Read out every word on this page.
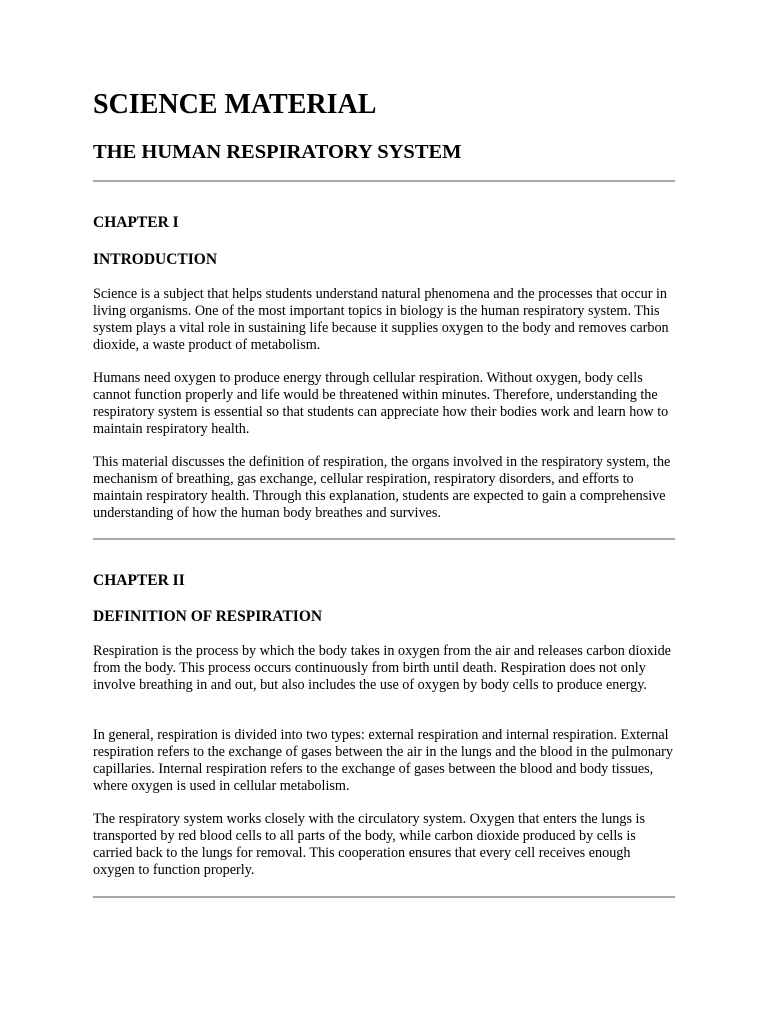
SCIENCE MATERIAL
THE HUMAN RESPIRATORY SYSTEM
CHAPTER I
INTRODUCTION

Science is a subject that helps students understand natural phenomena and the processes that occur in living organisms. One of the most important topics in biology is the human respiratory system. This system plays a vital role in sustaining life because it supplies oxygen to the body and removes carbon dioxide, a waste product of metabolism.

Humans need oxygen to produce energy through cellular respiration. Without oxygen, body cells cannot function properly and life would be threatened within minutes. Therefore, understanding the respiratory system is essential so that students can appreciate how their bodies work and learn how to maintain respiratory health.

This material discusses the definition of respiration, the organs involved in the respiratory system, the mechanism of breathing, gas exchange, cellular respiration, respiratory disorders, and efforts to maintain respiratory health. Through this explanation, students are expected to gain a comprehensive understanding of how the human body breathes and survives.

CHAPTER II
DEFINITION OF RESPIRATION

Respiration is the process by which the body takes in oxygen from the air and releases carbon dioxide from the body. This process occurs continuously from birth until death. Respiration does not only involve breathing in and out, but also includes the use of oxygen by body cells to produce energy.

In general, respiration is divided into two types: external respiration and internal respiration. External respiration refers to the exchange of gases between the air in the lungs and the blood in the pulmonary capillaries. Internal respiration refers to the exchange of gases between the blood and body tissues, where oxygen is used in cellular metabolism.

The respiratory system works closely with the circulatory system. Oxygen that enters the lungs is transported by red blood cells to all parts of the body, while carbon dioxide produced by cells is carried back to the lungs for removal. This cooperation ensures that every cell receives enough oxygen to function properly.
